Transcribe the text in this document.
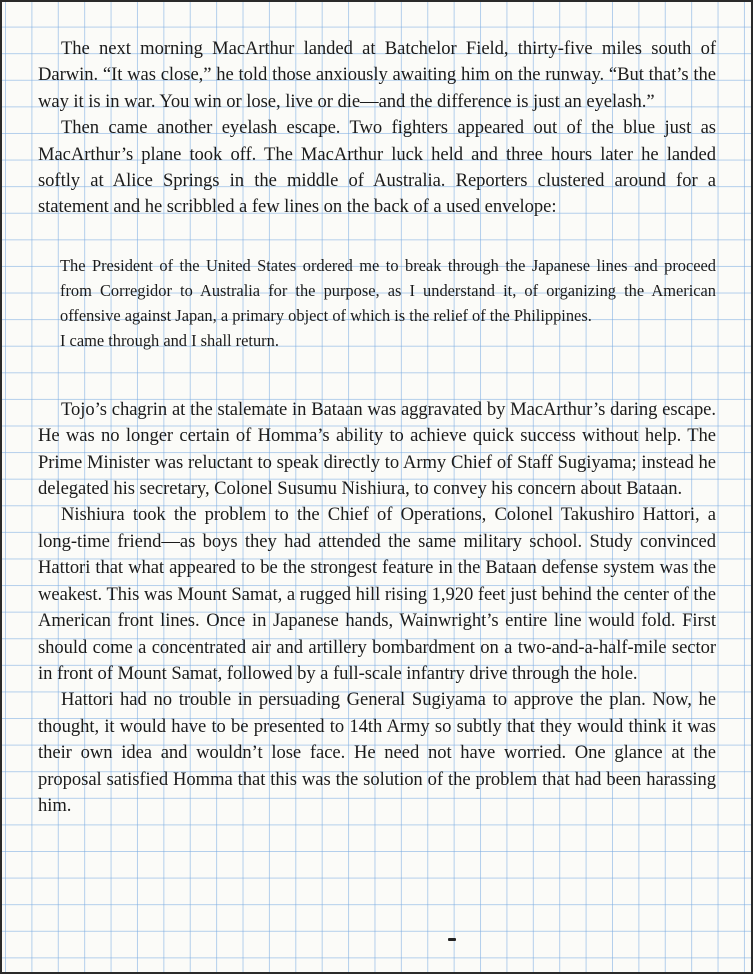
The next morning MacArthur landed at Batchelor Field, thirty-five miles south of Darwin. “It was close,” he told those anxiously awaiting him on the runway. “But that’s the way it is in war. You win or lose, live or die—and the difference is just an eyelash.”

Then came another eyelash escape. Two fighters appeared out of the blue just as MacArthur’s plane took off. The MacArthur luck held and three hours later he landed softly at Alice Springs in the middle of Australia. Reporters clustered around for a statement and he scribbled a few lines on the back of a used envelope:

The President of the United States ordered me to break through the Japanese lines and proceed from Corregidor to Australia for the purpose, as I understand it, of organizing the American offensive against Japan, a primary object of which is the relief of the Philippines.

I came through and I shall return.

Tojo’s chagrin at the stalemate in Bataan was aggravated by MacArthur’s daring escape. He was no longer certain of Homma’s ability to achieve quick success without help. The Prime Minister was reluctant to speak directly to Army Chief of Staff Sugiyama; instead he delegated his secretary, Colonel Susumu Nishiura, to convey his concern about Bataan.

Nishiura took the problem to the Chief of Operations, Colonel Takushiro Hattori, a long-time friend—as boys they had attended the same military school. Study convinced Hattori that what appeared to be the strongest feature in the Bataan defense system was the weakest. This was Mount Samat, a rugged hill rising 1,920 feet just behind the center of the American front lines. Once in Japanese hands, Wainwright’s entire line would fold. First should come a concentrated air and artillery bombardment on a two-and-a-half-mile sector in front of Mount Samat, followed by a full-scale infantry drive through the hole.

Hattori had no trouble in persuading General Sugiyama to approve the plan. Now, he thought, it would have to be presented to 14th Army so subtly that they would think it was their own idea and wouldn’t lose face. He need not have worried. One glance at the proposal satisfied Homma that this was the solution of the problem that had been harassing him.
